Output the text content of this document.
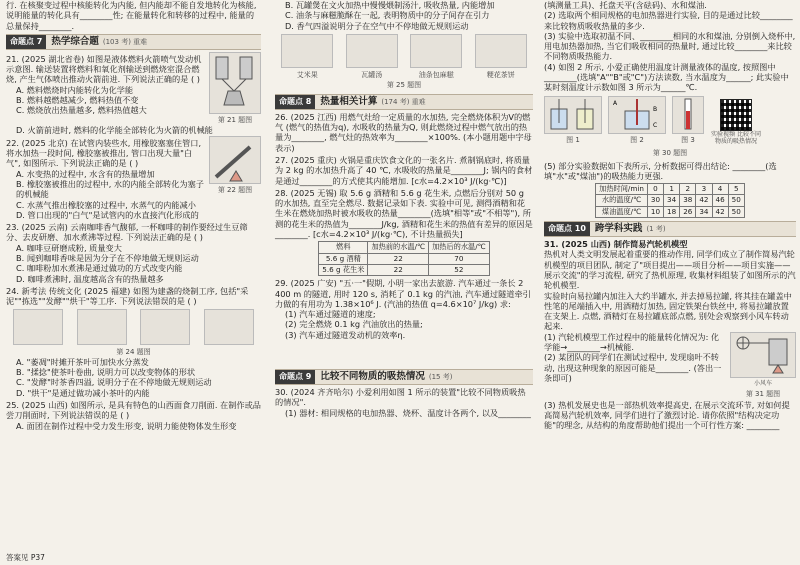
行. 在核聚变过程中核能转化为内能, 但内能却不能自发地转化为核能, 说明能量的转化具有________性; 在能量转化和转移的过程中, 能量的总量保持________.

命题点 7 热学综合题 (103 考) 重难

21. (2025 湖北省卷) 如图是液体燃料火箭喷气发动机示意图. 输送装置将燃料和氧化剂输送到燃烧室混合燃烧, 产生气体喷出推动火箭前进. 下列说法正确的是 ( )

A. 燃料燃烧时内能转化为化学能

B. 燃料越燃越减少, 燃料热值不变

C. 燃烧放出热量越多, 燃料热值越大

第 21 题图

D. 火箭前进时, 燃料的化学能全部转化为火箭的机械能

22. (2025 北京) 在试管内装些水, 用橡胶塞塞住管口, 将水加热一段时间, 橡胶塞被推出, 管口出现大量"白气", 如图所示. 下列说法正确的是 ( )

A. 水变热的过程中, 水含有的热量增加

B. 橡胶塞被推出的过程中, 水的内能全部转化为塞子的机械能	第 22 题图

C. 水蒸气推出橡胶塞的过程中, 水蒸气的内能减小

D. 管口出现的"白气"是试管内的水直接汽化形成的

23. (2025 云南) 云南咖啡香气馥郁, 一杯咖啡的制作要经过生豆筛分、去皮研磨、加水煮沸等过程. 下列说法正确的是 ( )

A. 咖啡豆研磨成粉, 质量变大

B. 闻到咖啡香味是因为分子在不停地做无规则运动

C. 咖啡粉加水煮沸是通过做功的方式改变内能

D. 咖啡煮沸时, 温度越高含有的热量越多

24. 新考法 传统文化 (2025 福建) 如图为建盏的烧制工序, 包括"采泥""拣选""发酵""烘干"等工序. 下列说法错误的是 ( )

第 24 题图

A. "萎凋"时摊开茶叶可加快水分蒸发

B. "揉捻"使茶叶卷曲, 说明力可以改变物体的形状

C. "发酵"时茶香四溢, 说明分子在不停地做无规则运动

D. "烘干"是通过做功减小茶叶的内能

25. (2025 山西) 如图所示, 是具有特色的山西面食刀削面. 在制作或品尝刀削面时, 下列说法错误的是 ( )

A. 面团在制作过程中受力发生形变, 说明力能使物体发生形变

B. 瓦罐煲在文火加热中慢慢煨制汤汁, 吸收热量, 内能增加

C. 油条与麻糍脆酥在一起, 表明物质中的分子间存在引力

D. 香气四溢说明分子在空气中不停地做无规则运动

艾米果	瓦罐汤	油条包麻糍	粳花茶饼
第 25 题图
命题点 8 热量相关计算 (174 考) 重难

26. (2025 江西) 用燃气灶给一定质量的水加热, 完全燃烧体积为V的燃气 (燃气的热值为q), 水吸收的热量为Q, 则此燃烧过程中燃气放出的热量为________, 燃气灶的热效率为________×100%. (本小题用题中字母表示)

27. (2025 重庆) 火锅是重庆饮食文化的一张名片. 煮制锅底时, 将质量为 2 kg 的水加热升高了 40 ℃, 水吸收的热量是________J; 锅内的食材是通过________的方式使其内能增加. [c水=4.2×10³ J/(kg·℃)]

28. (2025 无锡) 取 5.6 g 酒精和 5.6 g 花生米, 点燃后分别对 50 g 的水加热, 直至完全燃尽. 数据记录如下表. 实验中可见, 测得酒精和花生米在燃烧加热时被水吸收的热量________(选填"相等"或"不相等"), 所测的花生米的热值为________J/kg, 酒精和花生米的热值有差异的原因是________. [c水=4.2×10³ J/(kg·℃), 不计热量损失]

燃料	加热前的水温/℃	加热后的水温/℃
5.6 g 酒精	22	70
5.6 g 花生米	22	52

29. (2025 广安) "五·一"假期, 小明一家出去旅游. 汽车通过一条长 2 400 m 的隧道, 用时 120 s, 消耗了 0.1 kg 的汽油, 汽车通过隧道牵引力做的有用功为 1.38×10⁶ J. (汽油的热值 q=4.6×10⁷ J/kg) 求:

(1) 汽车通过隧道的速度;

(2) 完全燃烧 0.1 kg 汽油放出的热量;

(3) 汽车通过隧道发动机的效率η.

命题点 9 比较不同物质的吸热情况 (15 考)

30. (2024 齐齐哈尔) 小爱利用如图 1 所示的装置"比较不同物质吸热的情况".

(1) 器材: 相同规格的电加热器、烧杯、温度计各两个, 以及________

(填测量工具)、托盘天平(含砝码)、水和煤油.

(2) 选取两个相同规格的电加热器进行实验, 目的是通过比较________来比较物质吸收热量的多少.

(3) 实验中选取初温不同、________相同的水和煤油, 分别倒入烧杯中, 用电加热器加热, 当它们吸收相同的热量时, 通过比较________来比较不同物质吸热能力.

(4) 如图 2 所示, 小爱正确使用温度计测量液体的温度, 按照图中________(选填"A""B"或"C")方法读数, 当水温度为______; 此实验中某时刻温度计示数如图 3 所示为______℃.

图 1
A
B
C
图 2	图 3
实验视频 比较不同物质的吸热情况
第 30 题图

(5) 部分实验数据如下表所示, 分析数据可得出结论: ________(选填"水"或"煤油")的吸热能力更强.

加热时间/min	0	1	2	3	4	5
水的温度/℃	30	34	38	42	46	50
煤油温度/℃	10	18	26	34	42	50
命题点 10 跨学科实践 (1 考)

31. (2025 山西) 制作简易汽轮机模型

热机对人类文明发展起着重要的推动作用, 同学们成立了制作简易汽轮机模型的项目团队, 制定了"项目提出——项目分析——项目实施——展示交流"的学习流程, 研究了热机原理, 收集材料组装了如图所示的汽轮机模型.

实验时向易拉罐内加注入大约半罐水, 并去掉易拉罐, 将其挂在罐盖中性笔的尾端插入中, 用酒精灯加热, 固定铁架台铁丝中, 将易拉罐放置在支架上. 点燃, 酒精灯在易拉罐底部点燃, 别处会观察到小风车转动起来.

(1) 汽轮机模型工作过程中的能量转化情况为: 化学能→________→机械能.

(2) 某团队的同学们在测试过程中, 发现扇叶不转动, 出现这种现象的原因可能是________. (答出一条即可)

小风车
第 31 题图

(3) 热机发展史也是一部热机效率提高史, 在展示交流环节, 对如何提高简易汽轮机效率, 同学们进行了激烈讨论. 请你依照"结构决定功能"的理念, 从结构的角度帮助他们提出一个可行性方案: ________

答案见 P37
